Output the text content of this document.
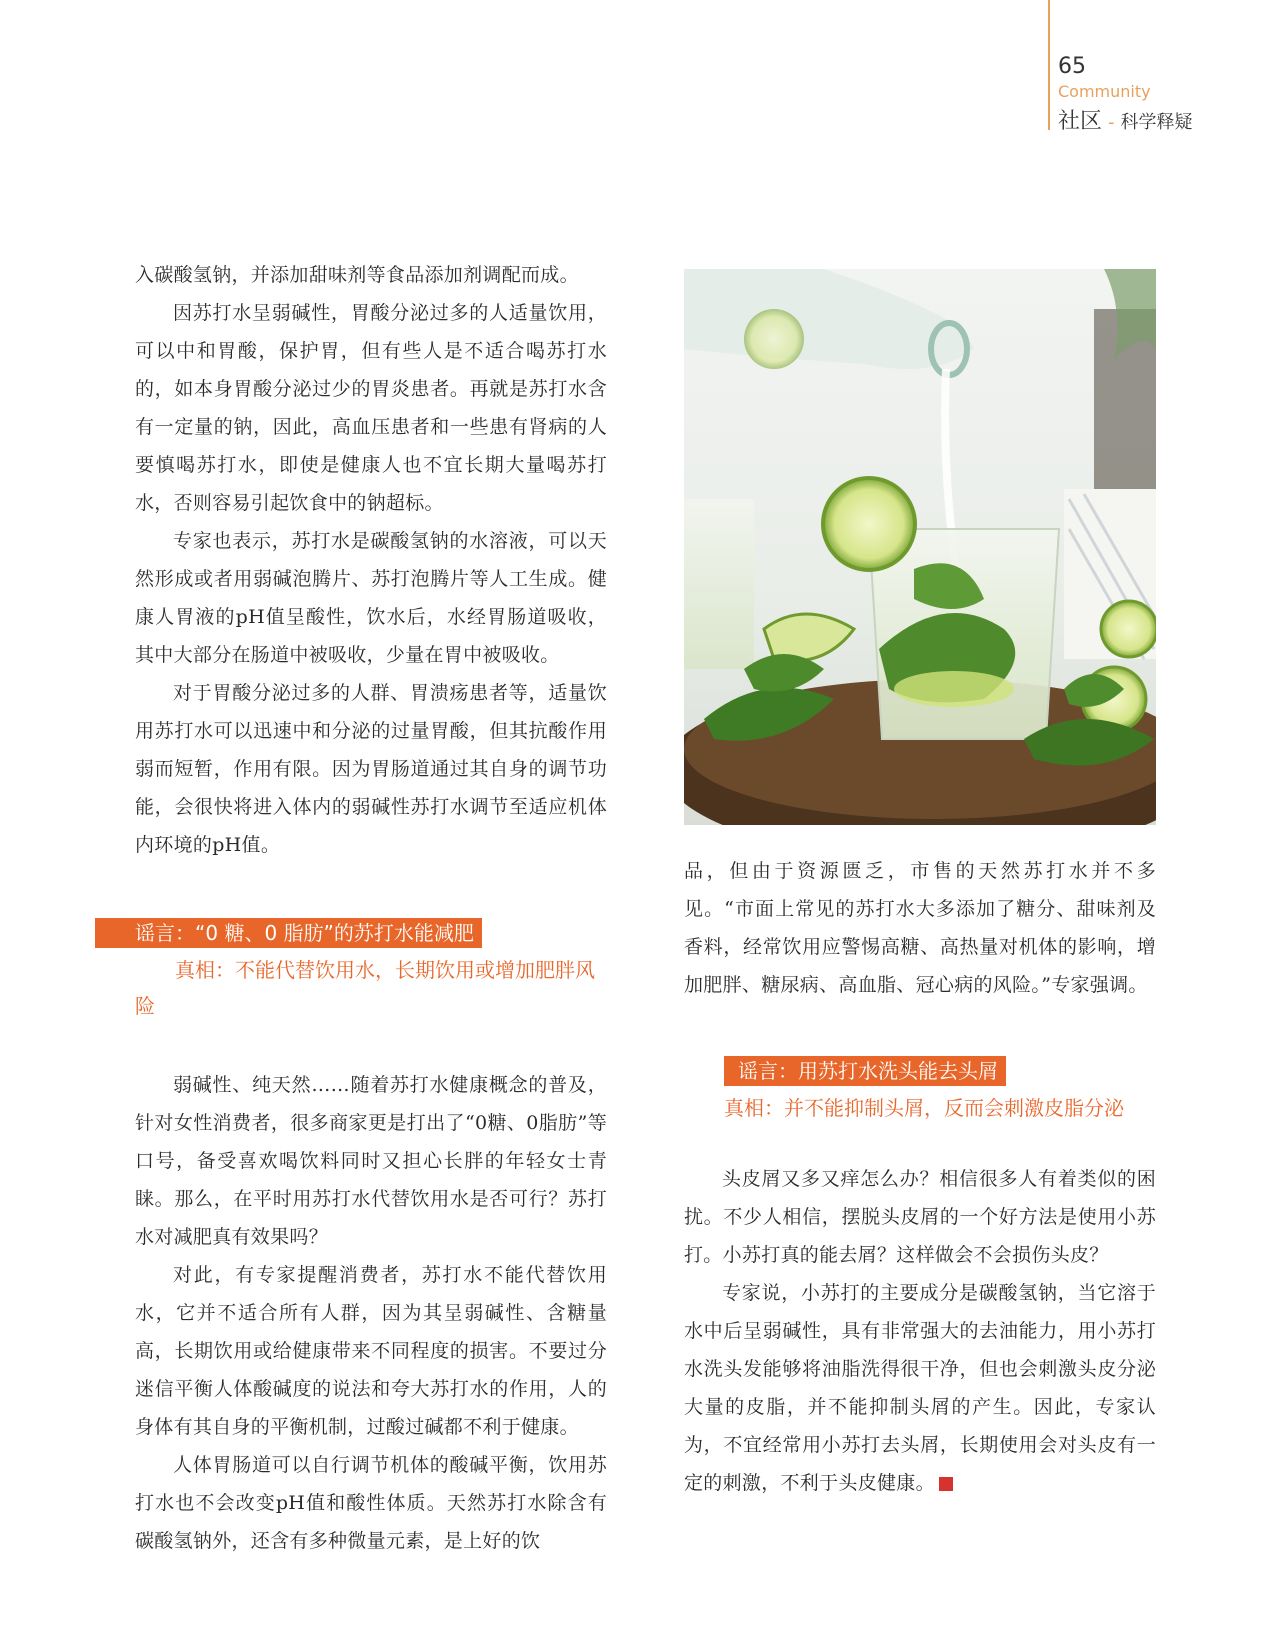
65
Community
社区 - 科学释疑

入碳酸氢钠，并添加甜味剂等食品添加剂调配而成。

因苏打水呈弱碱性，胃酸分泌过多的人适量饮用，可以中和胃酸，保护胃，但有些人是不适合喝苏打水的，如本身胃酸分泌过少的胃炎患者。再就是苏打水含有一定量的钠，因此，高血压患者和一些患有肾病的人要慎喝苏打水，即使是健康人也不宜长期大量喝苏打水，否则容易引起饮食中的钠超标。

专家也表示，苏打水是碳酸氢钠的水溶液，可以天然形成或者用弱碱泡腾片、苏打泡腾片等人工生成。健康人胃液的pH值呈酸性，饮水后，水经胃肠道吸收，其中大部分在肠道中被吸收，少量在胃中被吸收。

对于胃酸分泌过多的人群、胃溃疡患者等，适量饮用苏打水可以迅速中和分泌的过量胃酸，但其抗酸作用弱而短暂，作用有限。因为胃肠道通过其自身的调节功能，会很快将进入体内的弱碱性苏打水调节至适应机体内环境的pH值。

谣言：“0 糖、0 脂肪”的苏打水能减肥

真相：不能代替饮用水，长期饮用或增加肥胖风险

弱碱性、纯天然……随着苏打水健康概念的普及，针对女性消费者，很多商家更是打出了“0糖、0脂肪”等口号，备受喜欢喝饮料同时又担心长胖的年轻女士青睐。那么，在平时用苏打水代替饮用水是否可行？苏打水对减肥真有效果吗？

对此，有专家提醒消费者，苏打水不能代替饮用水，它并不适合所有人群，因为其呈弱碱性、含糖量高，长期饮用或给健康带来不同程度的损害。不要过分迷信平衡人体酸碱度的说法和夸大苏打水的作用，人的身体有其自身的平衡机制，过酸过碱都不利于健康。

人体胃肠道可以自行调节机体的酸碱平衡，饮用苏打水也不会改变pH值和酸性体质。天然苏打水除含有碳酸氢钠外，还含有多种微量元素，是上好的饮

品，但由于资源匮乏，市售的天然苏打水并不多见。“市面上常见的苏打水大多添加了糖分、甜味剂及香料，经常饮用应警惕高糖、高热量对机体的影响，增加肥胖、糖尿病、高血脂、冠心病的风险。”专家强调。

谣言：用苏打水洗头能去头屑

真相：并不能抑制头屑，反而会刺激皮脂分泌

头皮屑又多又痒怎么办？相信很多人有着类似的困扰。不少人相信，摆脱头皮屑的一个好方法是使用小苏打。小苏打真的能去屑？这样做会不会损伤头皮？

专家说，小苏打的主要成分是碳酸氢钠，当它溶于水中后呈弱碱性，具有非常强大的去油能力，用小苏打水洗头发能够将油脂洗得很干净，但也会刺激头皮分泌大量的皮脂，并不能抑制头屑的产生。因此，专家认为，不宜经常用小苏打去头屑，长期使用会对头皮有一定的刺激，不利于头皮健康。	S
